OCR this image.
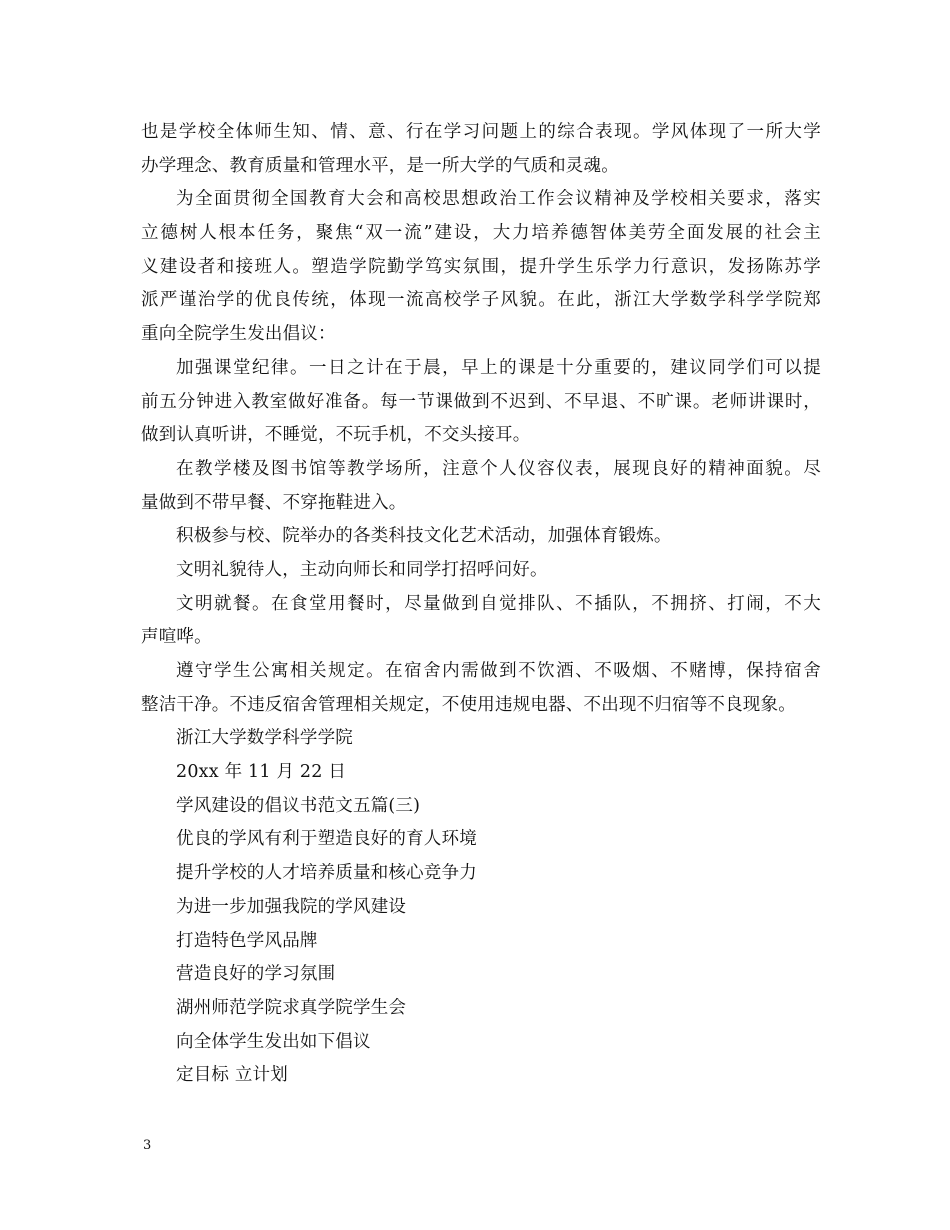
也是学校全体师生知、情、意、行在学习问题上的综合表现。学风体现了一所大学
办学理念、教育质量和管理水平，是一所大学的气质和灵魂。
为全面贯彻全国教育大会和高校思想政治工作会议精神及学校相关要求，落实
立德树人根本任务，聚焦“双一流”建设，大力培养德智体美劳全面发展的社会主
义建设者和接班人。塑造学院勤学笃实氛围，提升学生乐学力行意识，发扬陈苏学
派严谨治学的优良传统，体现一流高校学子风貌。在此，浙江大学数学科学学院郑
重向全院学生发出倡议：
加强课堂纪律。一日之计在于晨，早上的课是十分重要的，建议同学们可以提
前五分钟进入教室做好准备。每一节课做到不迟到、不早退、不旷课。老师讲课时，
做到认真听讲，不睡觉，不玩手机，不交头接耳。
在教学楼及图书馆等教学场所，注意个人仪容仪表，展现良好的精神面貌。尽
量做到不带早餐、不穿拖鞋进入。
积极参与校、院举办的各类科技文化艺术活动，加强体育锻炼。
文明礼貌待人，主动向师长和同学打招呼问好。
文明就餐。在食堂用餐时，尽量做到自觉排队、不插队，不拥挤、打闹，不大
声喧哗。
遵守学生公寓相关规定。在宿舍内需做到不饮酒、不吸烟、不赌博，保持宿舍
整洁干净。不违反宿舍管理相关规定，不使用违规电器、不出现不归宿等不良现象。
浙江大学数学科学学院
20xx 年 11 月 22 日
学风建设的倡议书范文五篇(三)
优良的学风有利于塑造良好的育人环境
提升学校的人才培养质量和核心竞争力
为进一步加强我院的学风建设
打造特色学风品牌
营造良好的学习氛围
湖州师范学院求真学院学生会
向全体学生发出如下倡议
定目标 立计划
3
